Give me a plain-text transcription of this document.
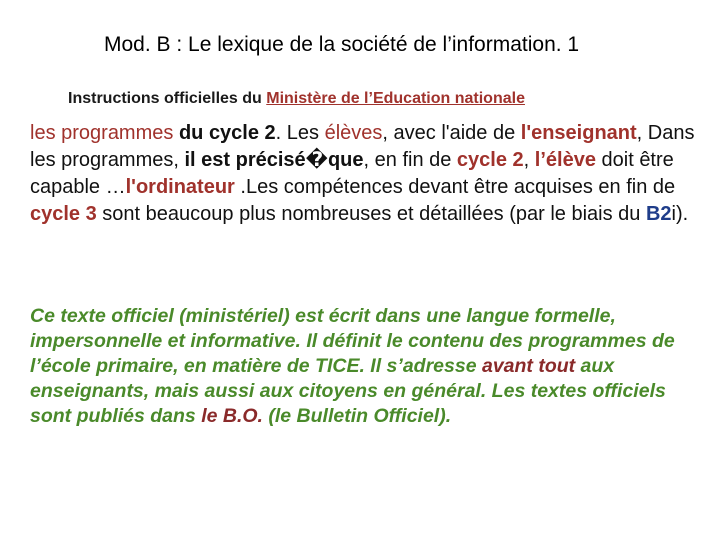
Mod. B : Le lexique de la société de l’information. 1
Instructions officielles du Ministère de l’Education nationale
les programmes du cycle 2. Les élèves, avec l'aide de l'enseignant, Dans les programmes, il est précisé�que, en fin de cycle 2, l’élève doit être capable …l'ordinateur .Les compétences devant être acquises en fin de cycle 3 sont beaucoup plus nombreuses et détaillées (par le biais du B2i).
Ce texte officiel (ministériel) est écrit dans une langue formelle, impersonnelle et informative. Il définit le contenu des programmes de l’école primaire, en matière de TICE. Il s’adresse avant tout aux enseignants, mais aussi aux citoyens en général. Les textes officiels sont publiés dans le B.O. (le Bulletin Officiel).
